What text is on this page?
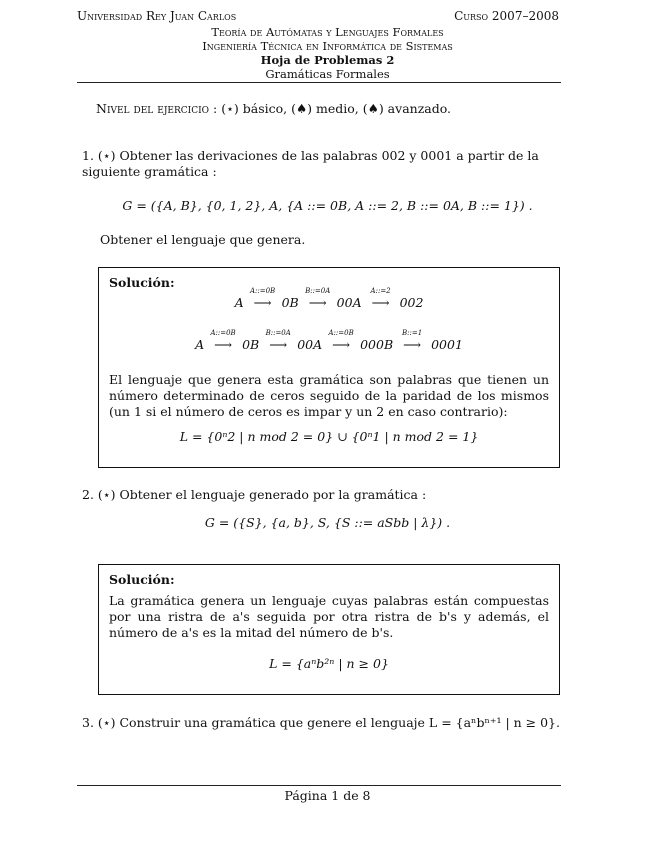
Universidad Rey Juan Carlos	Curso 2007–2008
Teoría de Autómatas y Lenguajes Formales
Ingeniería Técnica en Informática de Sistemas
Hoja de Problemas 2
Gramáticas Formales
Nivel del ejercicio : (⋆) básico, (♠) medio, (♠) avanzado.
1. (⋆) Obtener las derivaciones de las palabras 002 y 0001 a partir de la siguiente gramática :
G = ({A, B}, {0, 1, 2}, A, {A ::= 0B, A ::= 2, B ::= 0A, B ::= 1}) .
Obtener el lenguaje que genera.
Solución:
A
A::=0B
⟶ 0B
B::=0A
⟶ 00A
A::=2
⟶ 002
A
A::=0B
⟶ 0B
B::=0A
⟶ 00A
A::=0B
⟶ 000B
B::=1
⟶ 0001
El lenguaje que genera esta gramática son palabras que tienen un número determinado de ceros seguido de la paridad de los mismos (un 1 si el número de ceros es impar y un 2 en caso contrario):
L = {0ⁿ2 | n mod 2 = 0} ∪ {0ⁿ1 | n mod 2 = 1}
2. (⋆) Obtener el lenguaje generado por la gramática :
G = ({S}, {a, b}, S, {S ::= aSbb | λ}) .
Solución:
La gramática genera un lenguaje cuyas palabras están compuestas por una ristra de a's seguida por otra ristra de b's y además, el número de a's es la mitad del número de b's.
L = {aⁿb²ⁿ | n ≥ 0}
3. (⋆) Construir una gramática que genere el lenguaje L = {aⁿbⁿ⁺¹ | n ≥ 0}.
Página 1 de 8
